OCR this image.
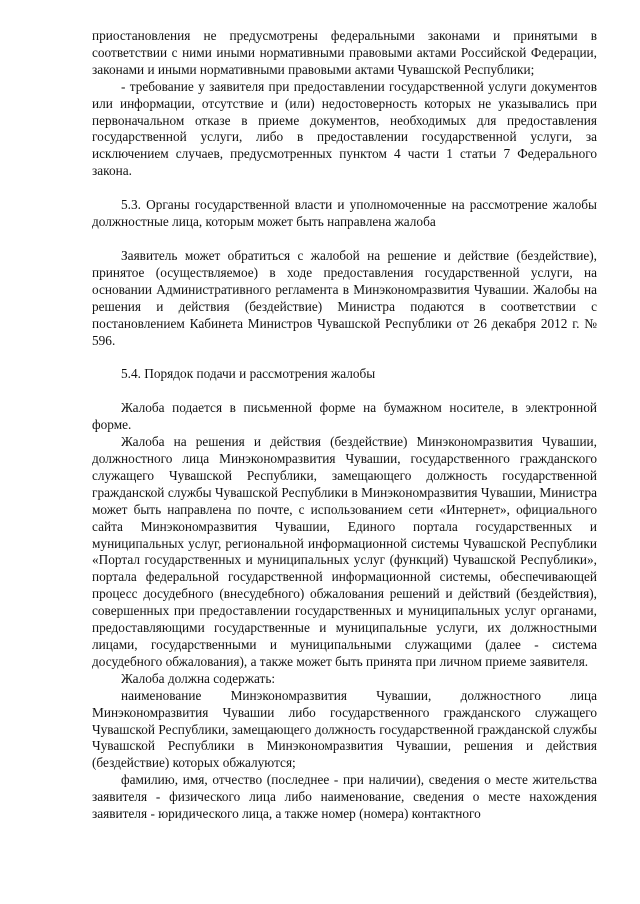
приостановления не предусмотрены федеральными законами и принятыми в соответствии с ними иными нормативными правовыми актами Российской Федерации, законами и иными нормативными правовыми актами Чувашской Республики;

- требование у заявителя при предоставлении государственной услуги документов или информации, отсутствие и (или) недостоверность которых не указывались при первоначальном отказе в приеме документов, необходимых для предоставления государственной услуги, либо в предоставлении государственной услуги, за исключением случаев, предусмотренных пунктом 4 части 1 статьи 7 Федерального закона.

5.3. Органы государственной власти и уполномоченные на рассмотрение жалобы должностные лица, которым может быть направлена жалоба

Заявитель может обратиться с жалобой на решение и действие (бездействие), принятое (осуществляемое) в ходе предоставления государственной услуги, на основании Административного регламента в Минэкономразвития Чувашии. Жалобы на решения и действия (бездействие) Министра подаются в соответствии с постановлением Кабинета Министров Чувашской Республики от 26 декабря 2012 г. № 596.

5.4. Порядок подачи и рассмотрения жалобы

Жалоба подается в письменной форме на бумажном носителе, в электронной форме.

Жалоба на решения и действия (бездействие) Минэкономразвития Чувашии, должностного лица Минэкономразвития Чувашии, государственного гражданского служащего Чувашской Республики, замещающего должность государственной гражданской службы Чувашской Республики в Минэкономразвития Чувашии, Министра может быть направлена по почте, с использованием сети «Интернет», официального сайта Минэкономразвития Чувашии, Единого портала государственных и муниципальных услуг, региональной информационной системы Чувашской Республики «Портал государственных и муниципальных услуг (функций) Чувашской Республики», портала федеральной государственной информационной системы, обеспечивающей процесс досудебного (внесудебного) обжалования решений и действий (бездействия), совершенных при предоставлении государственных и муниципальных услуг органами, предоставляющими государственные и муниципальные услуги, их должностными лицами, государственными и муниципальными служащими (далее - система досудебного обжалования), а также может быть принята при личном приеме заявителя.

Жалоба должна содержать:

наименование Минэкономразвития Чувашии, должностного лица Минэкономразвития Чувашии либо государственного гражданского служащего Чувашской Республики, замещающего должность государственной гражданской службы Чувашской Республики в Минэкономразвития Чувашии, решения и действия (бездействие) которых обжалуются;

фамилию, имя, отчество (последнее - при наличии), сведения о месте жительства заявителя - физического лица либо наименование, сведения о месте нахождения заявителя - юридического лица, а также номер (номера) контактного
